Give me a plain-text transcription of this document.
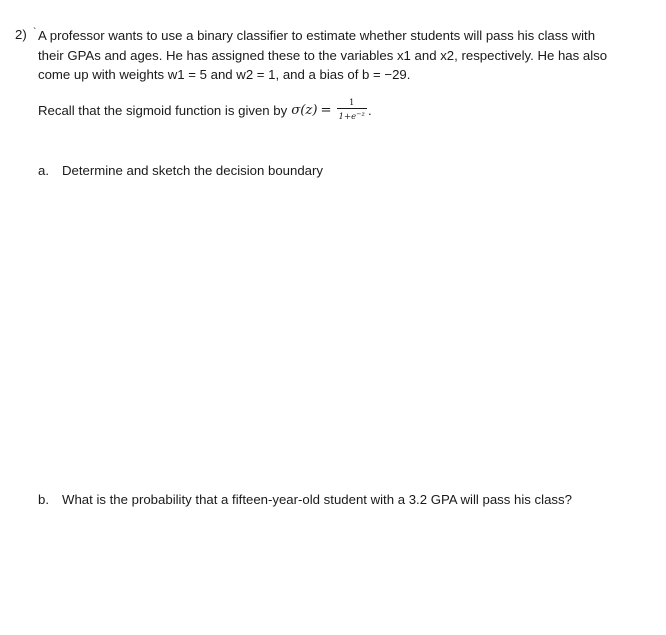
2) ` A professor wants to use a binary classifier to estimate whether students will pass his class with
their GPAs and ages. He has assigned these to the variables x1 and x2, respectively. He has also
come up with weights w1 = 5 and w2 = 1, and a bias of b = −29.
Recall that the sigmoid function is given by $\sigma(z) = \frac{1}{1+e^{-z}}$ .
a. Determine and sketch the decision boundary
b. What is the probability that a fifteen-year-old student with a 3.2 GPA will pass his class?
